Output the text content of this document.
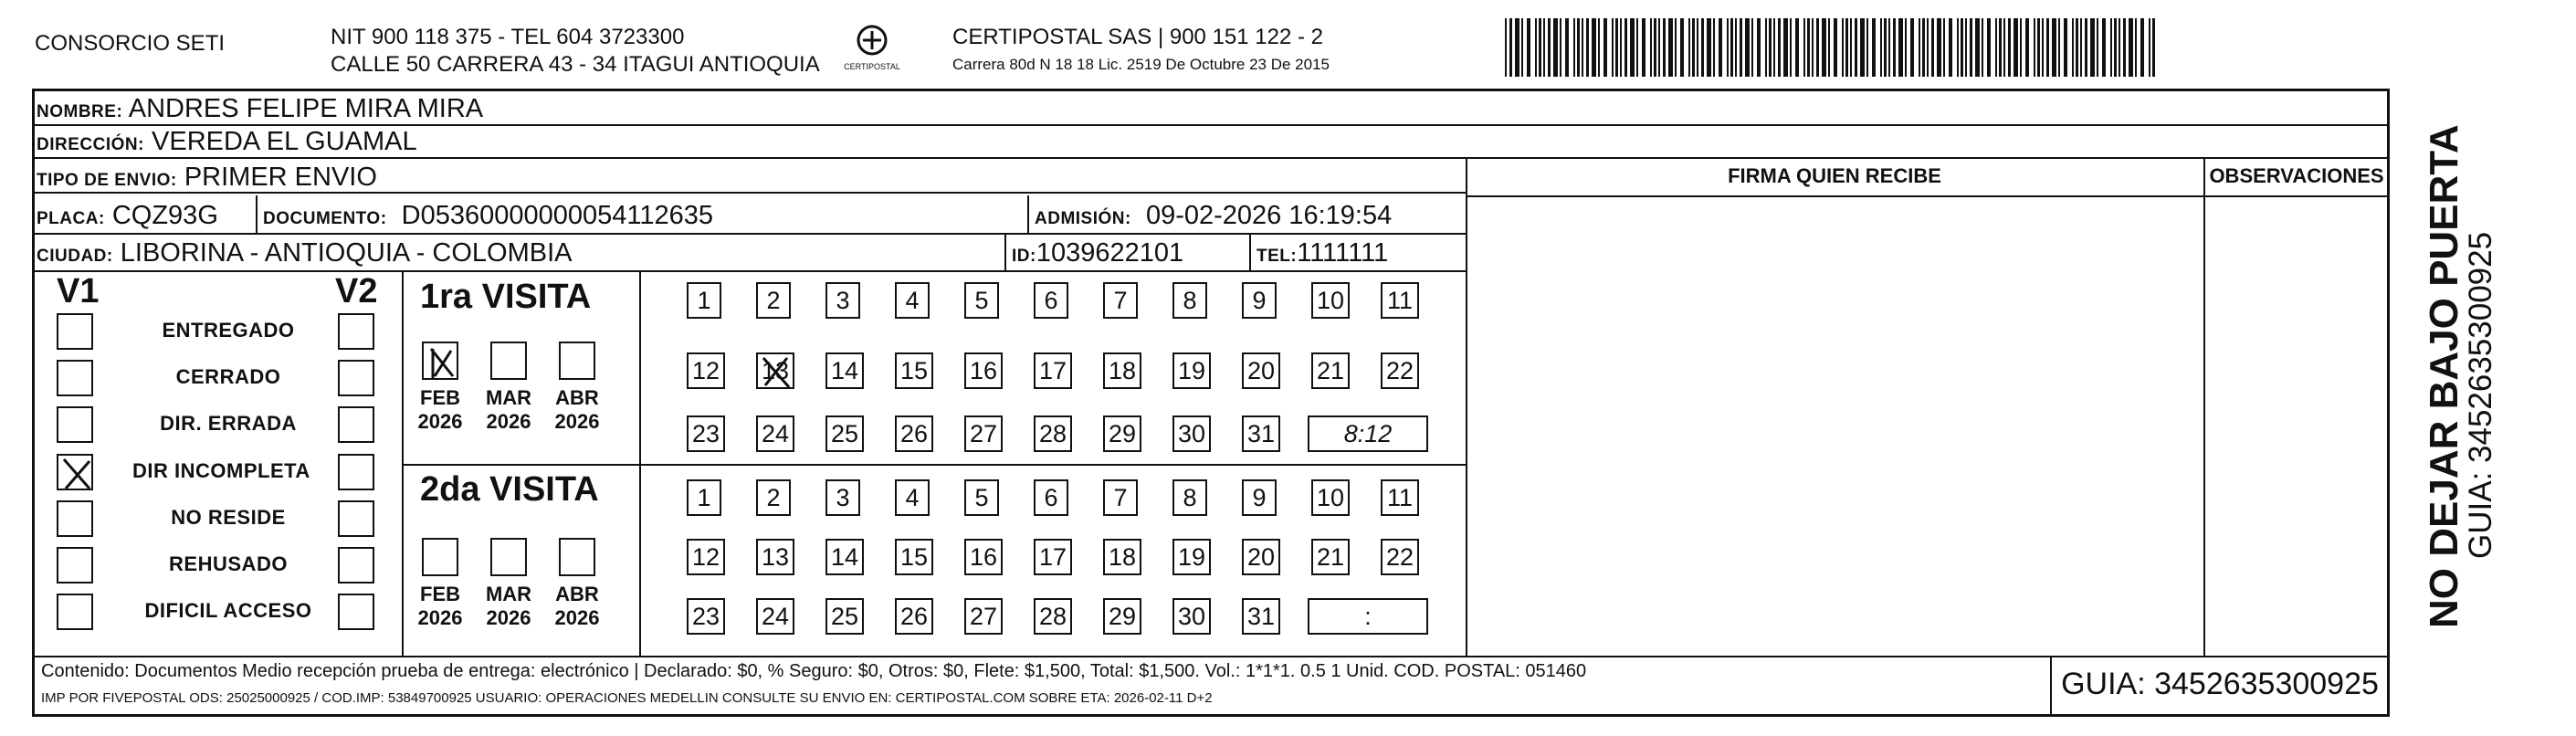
CONSORCIO SETI	NIT 900 118 375 - TEL 604 3723300
CALLE 50 CARRERA 43 - 34 ITAGUI ANTIOQUIA	CERTIPOSTAL
CERTIPOSTAL SAS | 900 151 122 - 2
Carrera 80d N 18 18 Lic. 2519 De Octubre 23 De 2015
NOMBRE: ANDRES FELIPE MIRA MIRA
DIRECCIÓN: VEREDA EL GUAMAL
TIPO DE ENVIO: PRIMER ENVIO
PLACA: CQZ93G	DOCUMENTO: D05360000000054112635	ADMISIÓN: 09-02-2026 16:19:54
CIUDAD: LIBORINA - ANTIOQUIA - COLOMBIA	ID:1039622101	TEL:1111111
FIRMA QUIEN RECIBE	OBSERVACIONES
V1	V2
ENTREGADO
CERRADO
DIR. ERRADA
DIR INCOMPLETA
NO RESIDE
REHUSADO
DIFICIL ACCESO
1ra VISITA
2da VISITA
FEB
2026
MAR
2026
ABR
2026
FEB
2026
MAR
2026
ABR
2026
1	2	3	4	5	6	7	8	9	10 11
12 13 14 15 16 17 18 19 20 21 22
23 24 25 26 27 28 29 30 31	8:12
1	2	3	4	5	6	7	8	9	10 11
12 13 14 15 16 17 18 19 20 21 22
23 24 25 26 27 28 29 30 31	:
Contenido: Documentos Medio recepción prueba de entrega: electrónico | Declarado: $0, % Seguro: $0, Otros: $0, Flete: $1,500, Total: $1,500. Vol.: 1*1*1. 0.5 1 Unid. COD. POSTAL: 051460
IMP POR FIVEPOSTAL ODS: 25025000925 / COD.IMP: 53849700925 USUARIO: OPERACIONES MEDELLIN CONSULTE SU ENVIO EN: CERTIPOSTAL.COM SOBRE ETA: 2026-02-11 D+2	GUIA: 3452635300925
NO DEJAR BAJO PUERTA
GUIA: 3452635300925
